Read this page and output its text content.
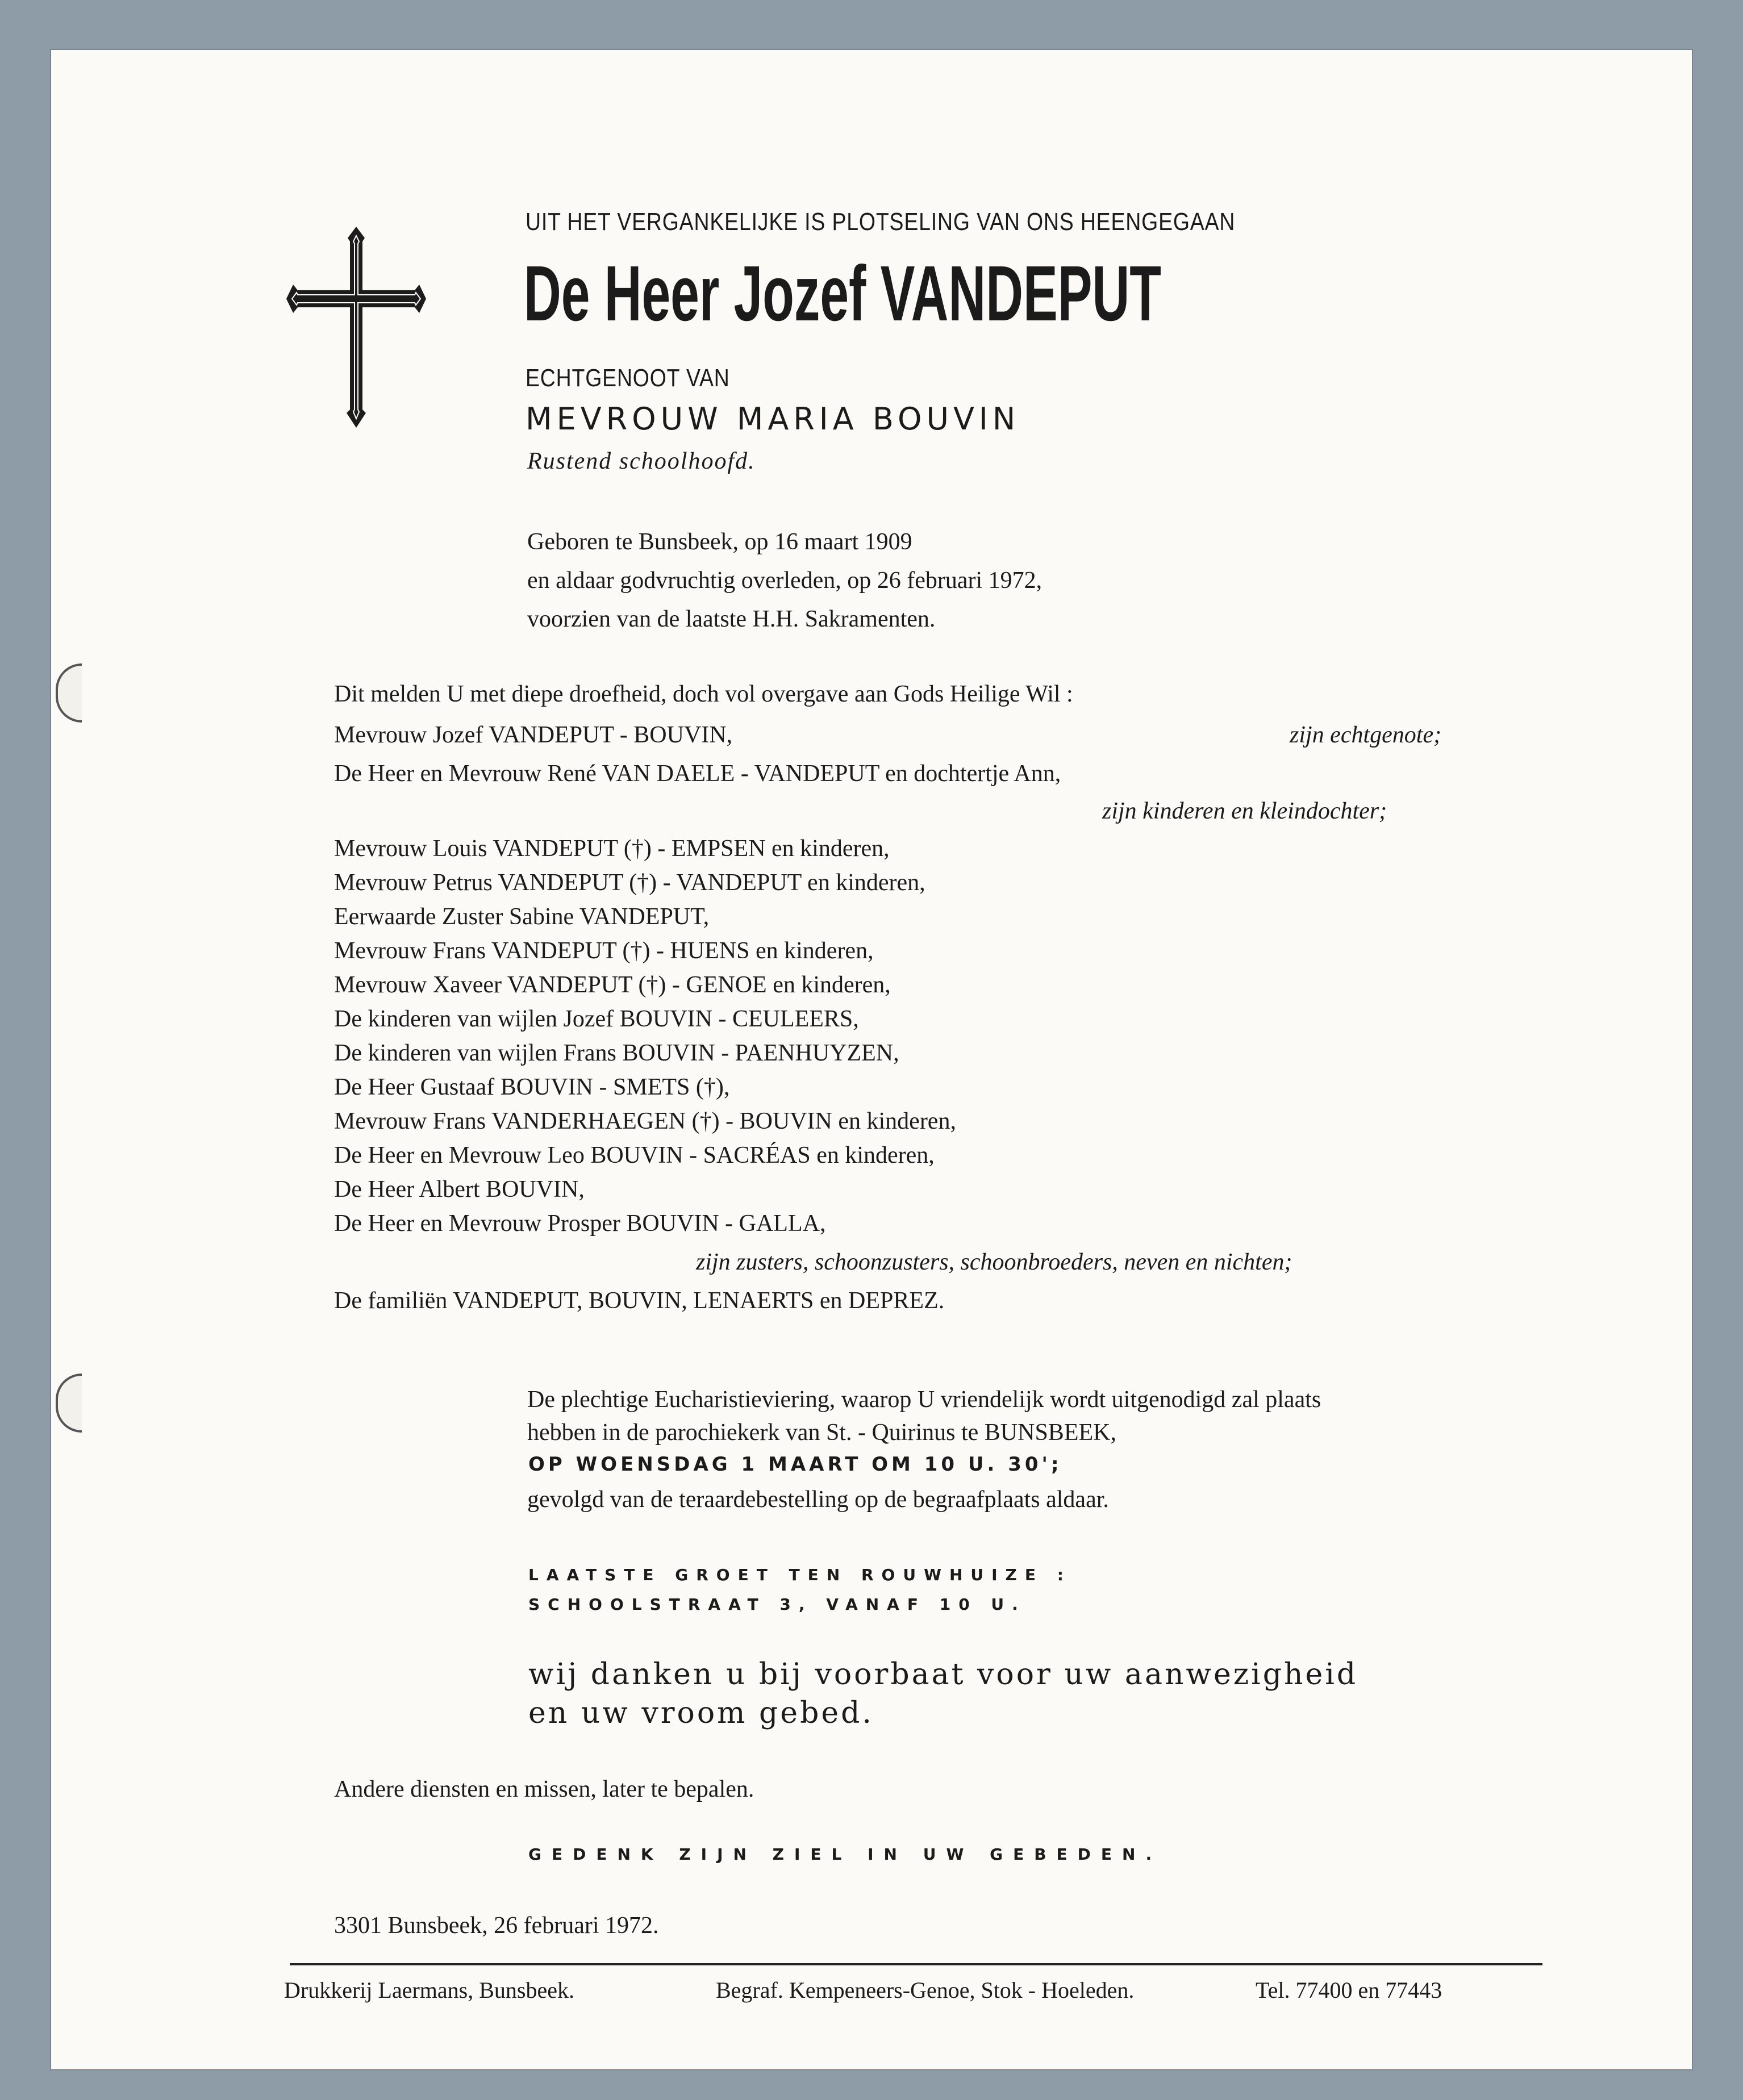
UIT HET VERGANKELIJKE IS PLOTSELING VAN ONS HEENGEGAAN
De Heer Jozef VANDEPUT
ECHTGENOOT VAN
MEVROUW MARIA BOUVIN
Rustend schoolhoofd.
Geboren te Bunsbeek, op 16 maart 1909
en aldaar godvruchtig overleden, op 26 februari 1972,
voorzien van de laatste H.H. Sakramenten.
Dit melden U met diepe droefheid, doch vol overgave aan Gods Heilige Wil :
Mevrouw Jozef VANDEPUT - BOUVIN,	zijn echtgenote;
De Heer en Mevrouw René VAN DAELE - VANDEPUT en dochtertje Ann,
zijn kinderen en kleindochter;
Mevrouw Louis VANDEPUT (†) - EMPSEN en kinderen,
Mevrouw Petrus VANDEPUT (†) - VANDEPUT en kinderen,
Eerwaarde Zuster Sabine VANDEPUT,
Mevrouw Frans VANDEPUT (†) - HUENS en kinderen,
Mevrouw Xaveer VANDEPUT (†) - GENOE en kinderen,
De kinderen van wijlen Jozef BOUVIN - CEULEERS,
De kinderen van wijlen Frans BOUVIN - PAENHUYZEN,
De Heer Gustaaf BOUVIN - SMETS (†),
Mevrouw Frans VANDERHAEGEN (†) - BOUVIN en kinderen,
De Heer en Mevrouw Leo BOUVIN - SACRÉAS en kinderen,
De Heer Albert BOUVIN,
De Heer en Mevrouw Prosper BOUVIN - GALLA,
zijn zusters, schoonzusters, schoonbroeders, neven en nichten;
De familiën VANDEPUT, BOUVIN, LENAERTS en DEPREZ.
De plechtige Eucharistieviering, waarop U vriendelijk wordt uitgenodigd zal plaats
hebben in de parochiekerk van St. - Quirinus te BUNSBEEK,
OP WOENSDAG 1 MAART OM 10 U. 30';
gevolgd van de teraardebestelling op de begraafplaats aldaar.
LAATSTE GROET TEN ROUWHUIZE :
SCHOOLSTRAAT 3, VANAF 10 U.
wij danken u bij voorbaat voor uw aanwezigheid
en uw vroom gebed.
Andere diensten en missen, later te bepalen.
GEDENK ZIJN ZIEL IN UW GEBEDEN.
3301 Bunsbeek, 26 februari 1972.
Drukkerij Laermans, Bunsbeek.	Begraf. Kempeneers-Genoe, Stok - Hoeleden.	Tel. 77400 en 77443
